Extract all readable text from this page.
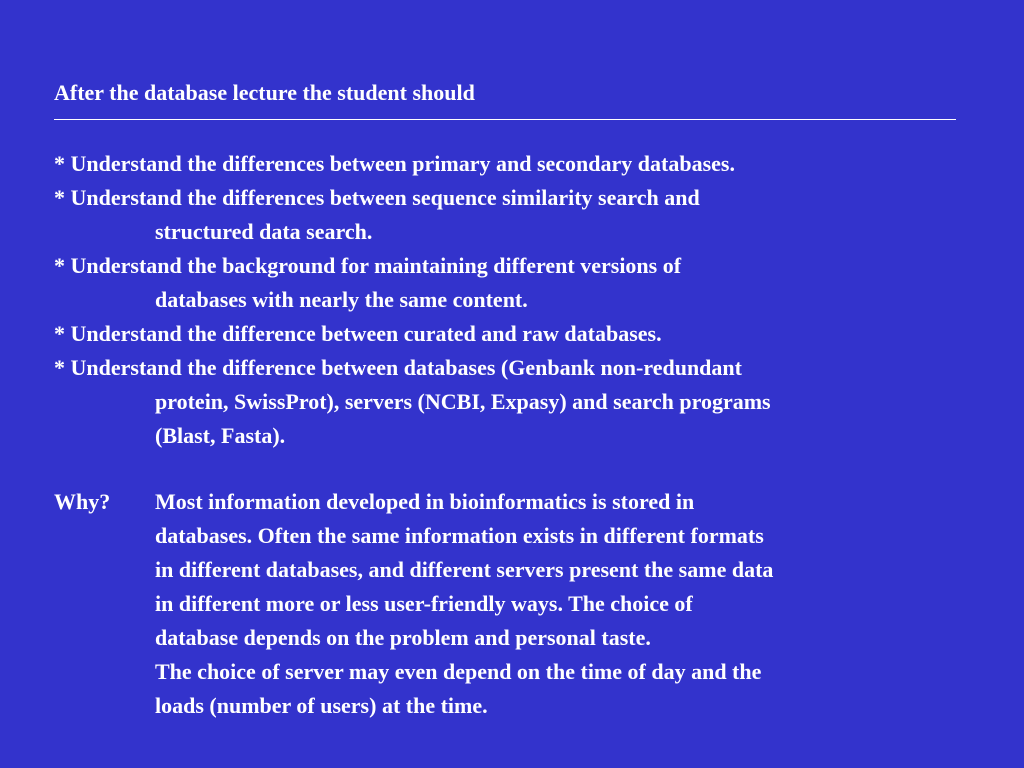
After the database lecture the student should
* Understand the differences between primary and secondary databases.
* Understand the differences between sequence similarity search and
structured data search.
* Understand the background for maintaining different versions of
databases with nearly the same content.
* Understand the difference between curated and raw databases.
* Understand the difference between databases (Genbank non-redundant
protein, SwissProt), servers (NCBI, Expasy) and search programs
(Blast, Fasta).
Why? Most information developed in bioinformatics is stored in
databases. Often the same information exists in different formats
in different databases, and different servers present the same data
in different more or less user-friendly ways. The choice of
database depends on the problem and personal taste.
The choice of server may even depend on the time of day and the
loads (number of users) at the time.
